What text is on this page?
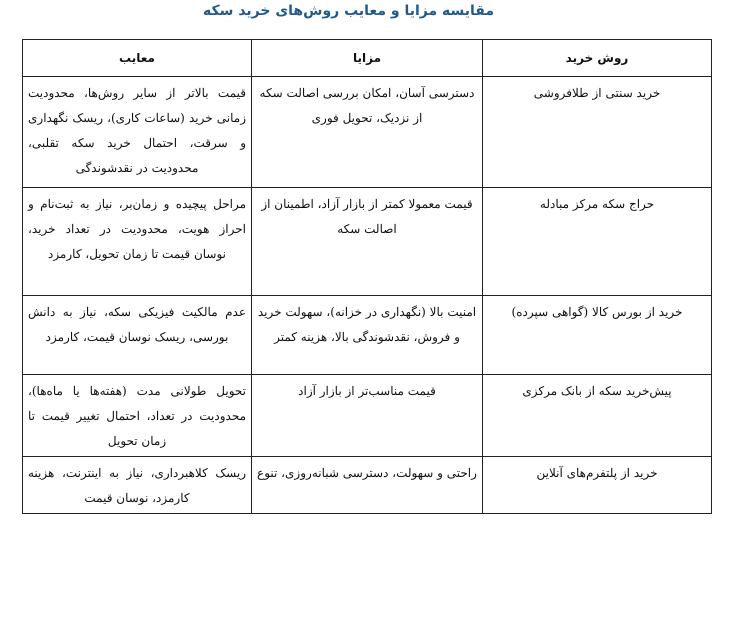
مقایسه مزایا و معایب روش‌های خرید سکه
روش خرید	مزایا	معایب
خرید سنتی از طلافروشی	دسترسی آسان، امکان بررسی اصالت سکه از نزدیک، تحویل فوری	قیمت بالاتر از سایر روش‌ها، محدودیت زمانی خرید (ساعات کاری)، ریسک نگهداری و سرقت، احتمال خرید سکه تقلبی، محدودیت در نقدشوندگی
حراج سکه مرکز مبادله	قیمت معمولا کمتر از بازار آزاد، اطمینان از اصالت سکه	مراحل پیچیده و زمان‌بر، نیاز به ثبت‌نام و احراز هویت، محدودیت در تعداد خرید، نوسان قیمت تا زمان تحویل، کارمزد
خرید از بورس کالا (گواهی سپرده)	امنیت بالا (نگهداری در خزانه)، سهولت خرید و فروش، نقدشوندگی بالا، هزینه کمتر	عدم مالکیت فیزیکی سکه، نیاز به دانش بورسی، ریسک نوسان قیمت، کارمزد
پیش‌خرید سکه از بانک مرکزی	قیمت مناسب‌تر از بازار آزاد	تحویل طولانی مدت (هفته‌ها یا ماه‌ها)، محدودیت در تعداد، احتمال تغییر قیمت تا زمان تحویل
خرید از پلتفرم‌های آنلاین	راحتی و سهولت، دسترسی شبانه‌روزی، تنوع	ریسک کلاهبرداری، نیاز به اینترنت، هزینه کارمزد، نوسان قیمت
